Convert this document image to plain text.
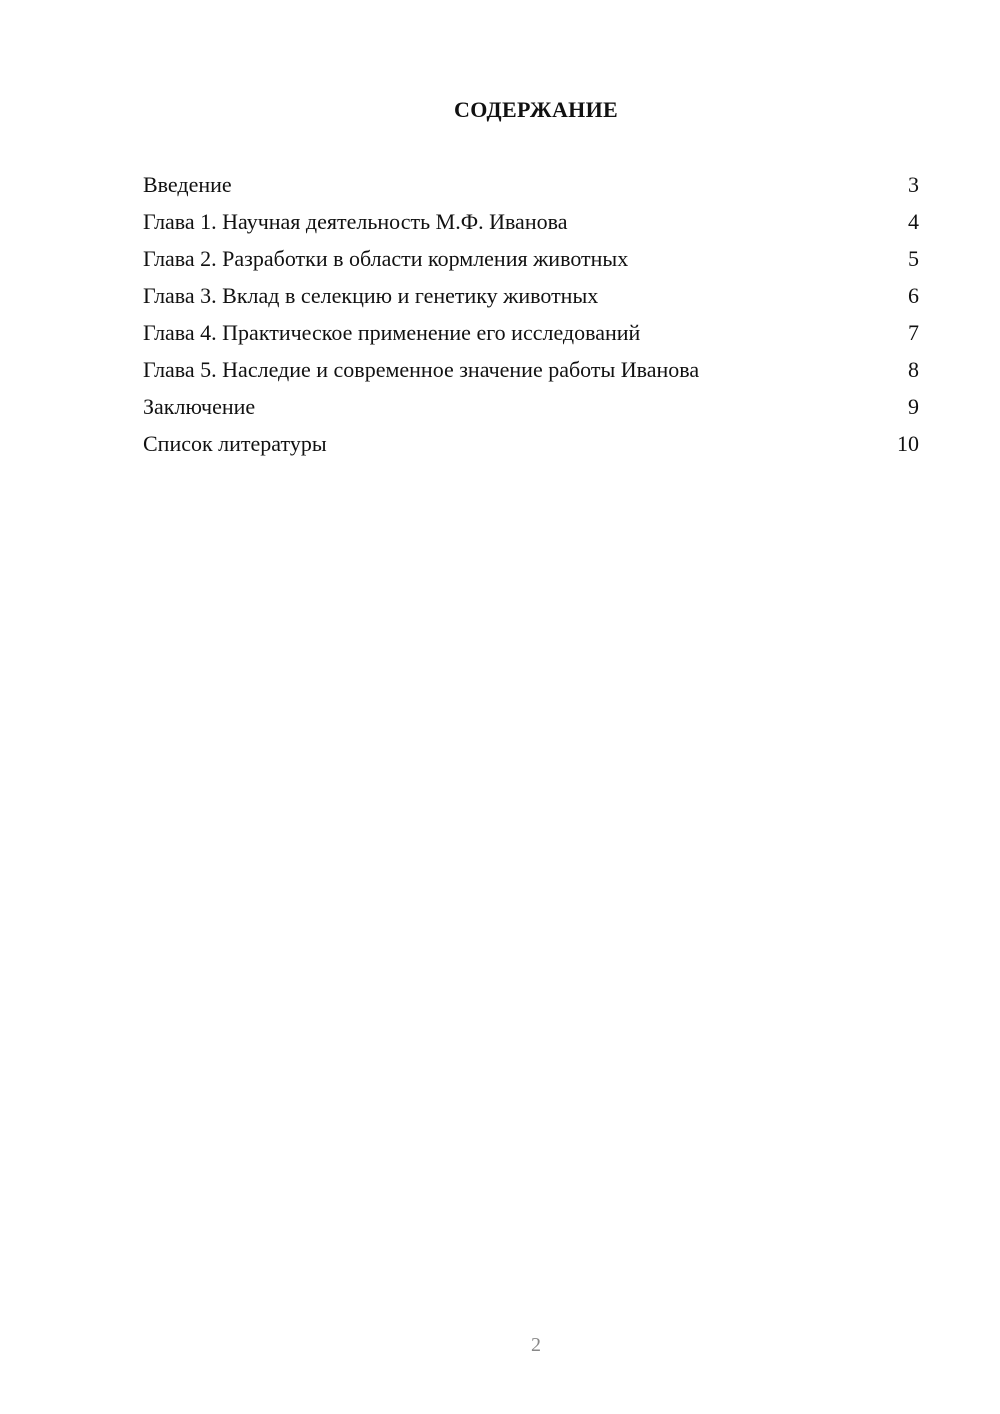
СОДЕРЖАНИЕ
Введение	3
Глава 1. Научная деятельность М.Ф. Иванова	4
Глава 2. Разработки в области кормления животных	5
Глава 3. Вклад в селекцию и генетику животных	6
Глава 4. Практическое применение его исследований	7
Глава 5. Наследие и современное значение работы Иванова	8
Заключение	9
Список литературы	10
2
